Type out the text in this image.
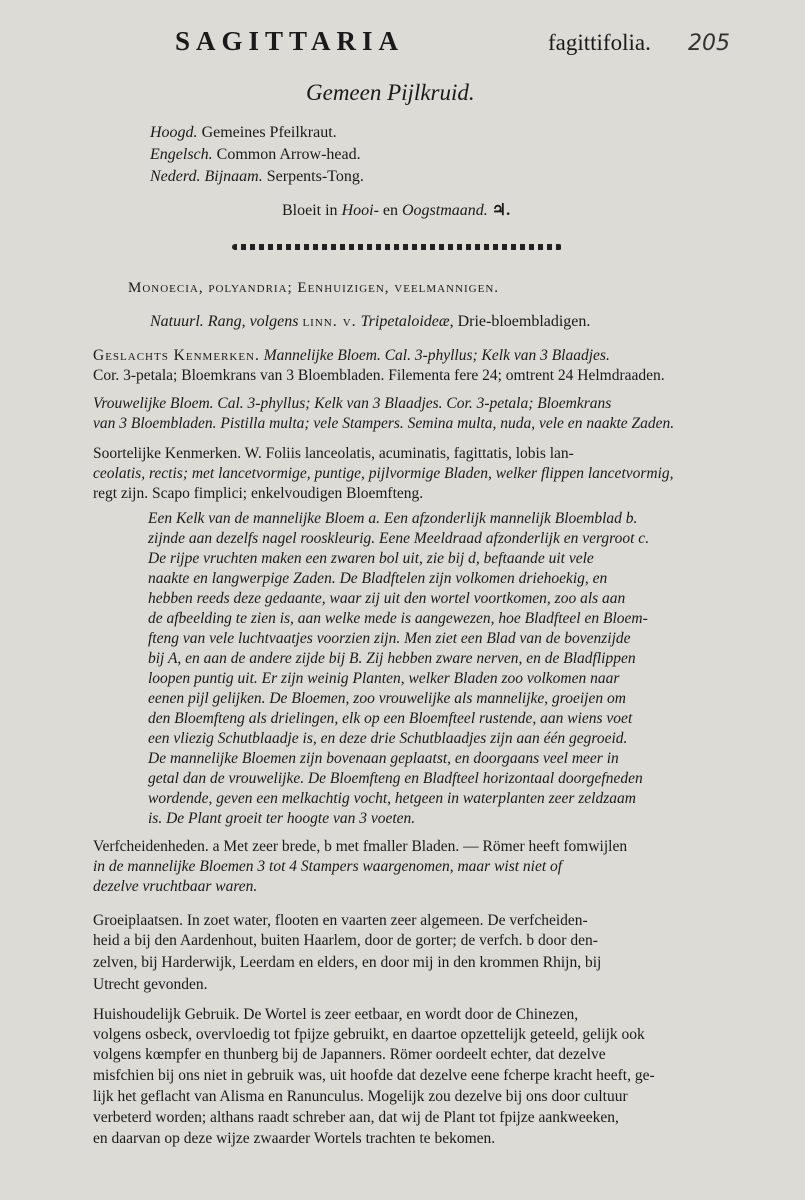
SAGITTARIA	fagittifolia. 205
Gemeen Pijlkruid.
Hoogd. Gemeines Pfeilkraut.
Engelsch. Common Arrow-head.
Nederd. Bijnaam. Serpents-Tong.
Bloeit in Hooi- en Oogstmaand. ♃.
Monoecia, polyandria; Eenhuizigen, veelmannigen.
Natuurl. Rang, volgens linn. v. Tripetaloideæ, Drie-bloembladigen.
Geslachts Kenmerken. Mannelijke Bloem. Cal. 3-phyllus; Kelk van 3 Blaadjes.
Cor. 3-petala; Bloemkrans van 3 Bloembladen. Filementa fere 24; omtrent 24 Helmdraaden.
Vrouwelijke Bloem. Cal. 3-phyllus; Kelk van 3 Blaadjes. Cor. 3-petala; Bloemkrans
van 3 Bloembladen. Pistilla multa; vele Stampers. Semina multa, nuda, vele en naakte Zaden.
Soortelijke Kenmerken. W. Foliis lanceolatis, acuminatis, fagittatis, lobis lan-
ceolatis, rectis; met lancetvormige, puntige, pijlvormige Bladen, welker flippen lancetvormig,
regt zijn. Scapo fimplici; enkelvoudigen Bloemfteng.
Een Kelk van de mannelijke Bloem a. Een afzonderlijk mannelijk Bloemblad b.
zijnde aan dezelfs nagel rooskleurig. Eene Meeldraad afzonderlijk en vergroot c.
De rijpe vruchten maken een zwaren bol uit, zie bij d, beftaande uit vele
naakte en langwerpige Zaden. De Bladftelen zijn volkomen driehoekig, en
hebben reeds deze gedaante, waar zij uit den wortel voortkomen, zoo als aan
de afbeelding te zien is, aan welke mede is aangewezen, hoe Bladfteel en Bloem-
fteng van vele luchtvaatjes voorzien zijn. Men ziet een Blad van de bovenzijde
bij A, en aan de andere zijde bij B. Zij hebben zware nerven, en de Bladflippen
loopen puntig uit. Er zijn weinig Planten, welker Bladen zoo volkomen naar
eenen pijl gelijken. De Bloemen, zoo vrouwelijke als mannelijke, groeijen om
den Bloemfteng als drielingen, elk op een Bloemfteel rustende, aan wiens voet
een vliezig Schutblaadje is, en deze drie Schutblaadjes zijn aan één gegroeid.
De mannelijke Bloemen zijn bovenaan geplaatst, en doorgaans veel meer in
getal dan de vrouwelijke. De Bloemfteng en Bladfteel horizontaal doorgefneden
wordende, geven een melkachtig vocht, hetgeen in waterplanten zeer zeldzaam
is. De Plant groeit ter hoogte van 3 voeten.
Verfcheidenheden. a Met zeer brede, b met fmaller Bladen. — Römer heeft fomwijlen
in de mannelijke Bloemen 3 tot 4 Stampers waargenomen, maar wist niet of
dezelve vruchtbaar waren.
Groeiplaatsen. In zoet water, flooten en vaarten zeer algemeen. De verfcheiden-
heid a bij den Aardenhout, buiten Haarlem, door de gorter; de verfch. b door den-
zelven, bij Harderwijk, Leerdam en elders, en door mij in den krommen Rhijn, bij
Utrecht gevonden.
Huishoudelijk Gebruik. De Wortel is zeer eetbaar, en wordt door de Chinezen,
volgens osbeck, overvloedig tot fpijze gebruikt, en daartoe opzettelijk geteeld, gelijk ook
volgens kœmpfer en thunberg bij de Japanners. Römer oordeelt echter, dat dezelve
misfchien bij ons niet in gebruik was, uit hoofde dat dezelve eene fcherpe kracht heeft, ge-
lijk het geflacht van Alisma en Ranunculus. Mogelijk zou dezelve bij ons door cultuur
verbeterd worden; althans raadt schreber aan, dat wij de Plant tot fpijze aankweeken,
en daarvan op deze wijze zwaarder Wortels trachten te bekomen.
